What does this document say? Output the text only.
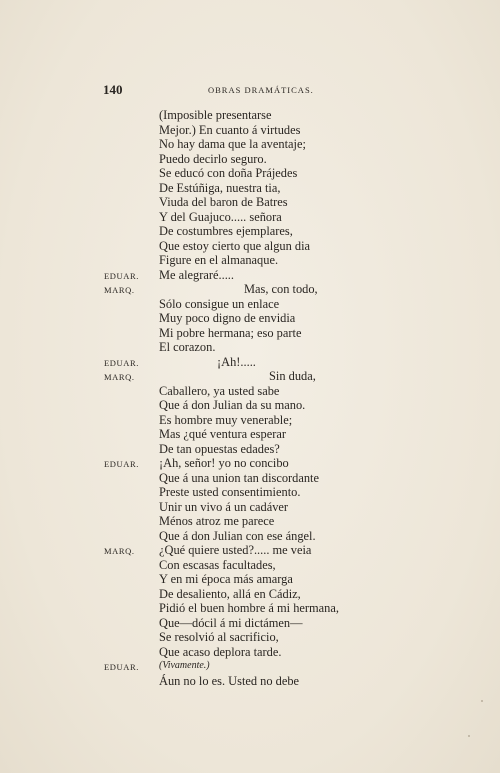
140	OBRAS DRAMÁTICAS.
(Imposible presentarse
Mejor.) En cuanto á virtudes
No hay dama que la aventaje;
Puedo decirlo seguro.
Se educó con doña Prájedes
De Estúñiga, nuestra tia,
Viuda del baron de Batres
Y del Guajuco..... señora
De costumbres ejemplares,
Que estoy cierto que algun dia
Figure en el almanaque.
EDUAR. Me alegraré.....
MARQ.	Mas, con todo,
Sólo consigue un enlace
Muy poco digno de envidia
Mi pobre hermana; eso parte
El corazon.
EDUAR.	¡Ah!.....
MARQ.	Sin duda,
Caballero, ya usted sabe
Que á don Julian da su mano.
Es hombre muy venerable;
Mas ¿qué ventura esperar
De tan opuestas edades?
EDUAR. ¡Ah, señor! yo no concibo
Que á una union tan discordante
Preste usted consentimiento.
Unir un vivo á un cadáver
Ménos atroz me parece
Que á don Julian con ese ángel.
MARQ. ¿Qué quiere usted?..... me veia
Con escasas facultades,
Y en mi época más amarga
De desaliento, allá en Cádiz,
Pidió el buen hombre á mi hermana,
Que—dócil á mi dictámen—
Se resolvió al sacrificio,
Que acaso deplora tarde.
EDUAR. (Vivamente.)
Áun no lo es. Usted no debe
